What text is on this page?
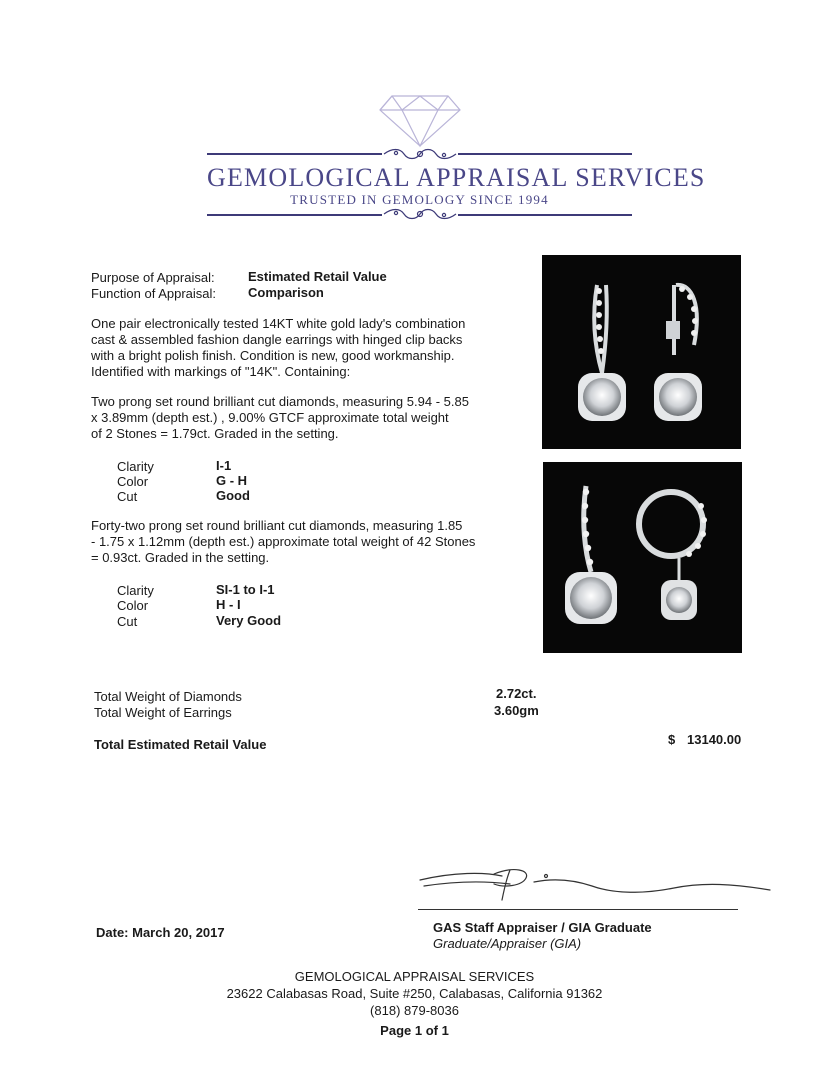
GEMOLOGICAL APPRAISAL SERVICES
TRUSTED IN GEMOLOGY SINCE 1994
Purpose of Appraisal:	Estimated Retail Value
Function of Appraisal: Comparison
One pair electronically tested 14KT white gold lady's combination
cast & assembled fashion dangle earrings with hinged clip backs
with a bright polish finish. Condition is new, good workmanship.
Identified with markings of "14K". Containing:
Two prong set round brilliant cut diamonds, measuring 5.94 - 5.85
x 3.89mm (depth est.) , 9.00% GTCF approximate total weight
of 2 Stones = 1.79ct. Graded in the setting.
Clarity	I-1
Color	G - H
Cut	Good
Forty-two prong set round brilliant cut diamonds, measuring 1.85
- 1.75 x 1.12mm (depth est.) approximate total weight of 42 Stones
= 0.93ct. Graded in the setting.
Clarity	SI-1 to I-1
Color	H - I
Cut	Very Good
Total Weight of Diamonds	2.72ct.
Total Weight of Earrings	3.60gm
Total Estimated Retail Value	$ 13140.00
Date: March 20, 2017	GAS Staff Appraiser / GIA Graduate
Graduate/Appraiser (GIA)
GEMOLOGICAL APPRAISAL SERVICES
23622 Calabasas Road, Suite #250, Calabasas, California 91362
(818) 879-8036
Page 1 of 1
